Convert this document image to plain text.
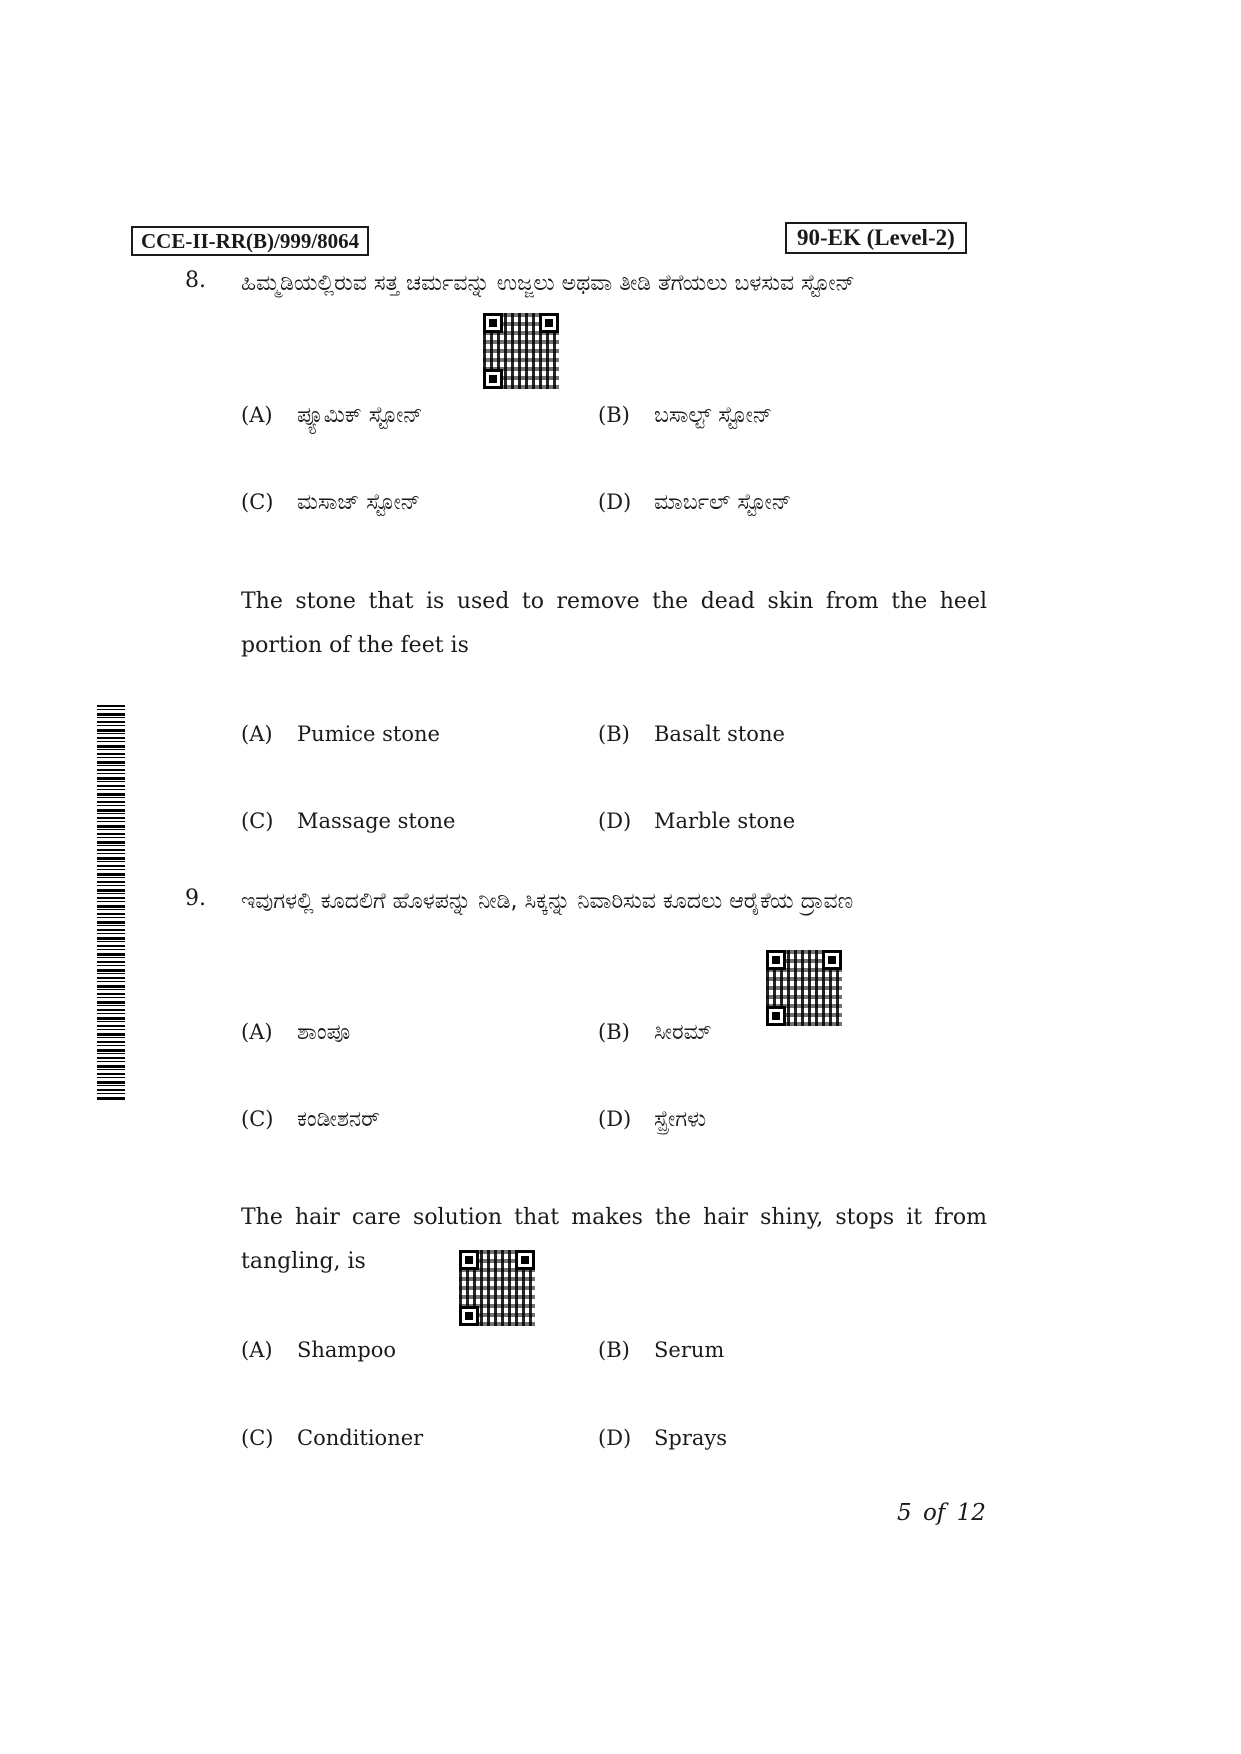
CCE-II-RR(B)/999/8064	90-EK (Level-2)
8. ಹಿಮ್ಮಡಿಯಲ್ಲಿರುವ ಸತ್ತ ಚರ್ಮವನ್ನು ಉಜ್ಜಲು ಅಥವಾ ತೀಡಿ ತೆಗೆಯಲು ಬಳಸುವ ಸ್ಟೋನ್
(A) ಪ್ಯೂಮಿಕ್ ಸ್ಟೋನ್	(B) ಬಸಾಲ್ಟ್ ಸ್ಟೋನ್
(C) ಮಸಾಜ್ ಸ್ಟೋನ್	(D) ಮಾರ್ಬಲ್ ಸ್ಟೋನ್
The stone that is used to remove the dead skin from the heel portion of the feet is
(A) Pumice stone	(B) Basalt stone
(C) Massage stone	(D) Marble stone
9. ಇವುಗಳಲ್ಲಿ ಕೂದಲಿಗೆ ಹೊಳಪನ್ನು ನೀಡಿ, ಸಿಕ್ಕನ್ನು ನಿವಾರಿಸುವ ಕೂದಲು ಆರೈಕೆಯ ದ್ರಾವಣ
(A) ಶಾಂಪೂ	(B) ಸೀರಮ್
(C) ಕಂಡೀಶನರ್	(D) ಸ್ಪ್ರೇಗಳು
The hair care solution that makes the hair shiny, stops it from tangling, is
(A) Shampoo	(B) Serum
(C) Conditioner	(D) Sprays
5 of 12
